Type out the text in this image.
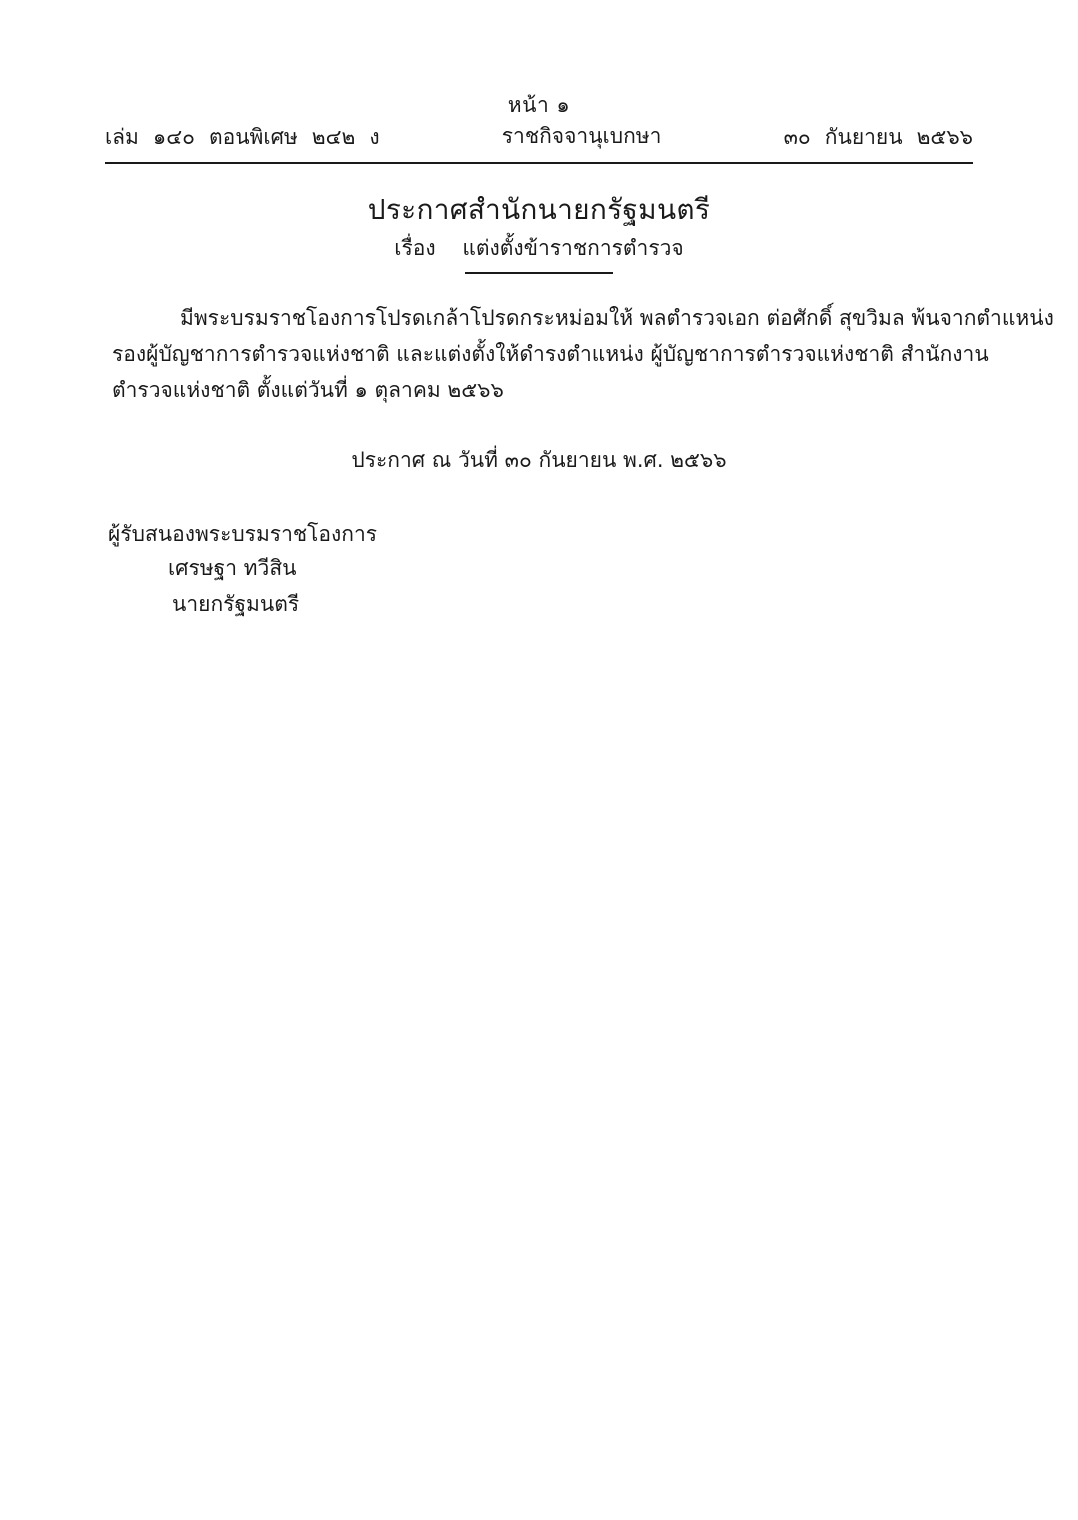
หน้า ๑
เล่ม ๑๔๐ ตอนพิเศษ ๒๔๒ ง	ราชกิจจานุเบกษา	๓๐ กันยายน ๒๕๖๖
ประกาศสำนักนายกรัฐมนตรี
เรื่อง แต่งตั้งข้าราชการตำรวจ
มีพระบรมราชโองการโปรดเกล้าโปรดกระหม่อมให้ พลตำรวจเอก ต่อศักดิ์ สุขวิมล พ้นจากตำแหน่ง
รองผู้บัญชาการตำรวจแห่งชาติ และแต่งตั้งให้ดำรงตำแหน่ง ผู้บัญชาการตำรวจแห่งชาติ สำนักงาน
ตำรวจแห่งชาติ ตั้งแต่วันที่ ๑ ตุลาคม ๒๕๖๖
ประกาศ ณ วันที่ ๓๐ กันยายน พ.ศ. ๒๕๖๖
ผู้รับสนองพระบรมราชโองการ
เศรษฐา ทวีสิน
นายกรัฐมนตรี
